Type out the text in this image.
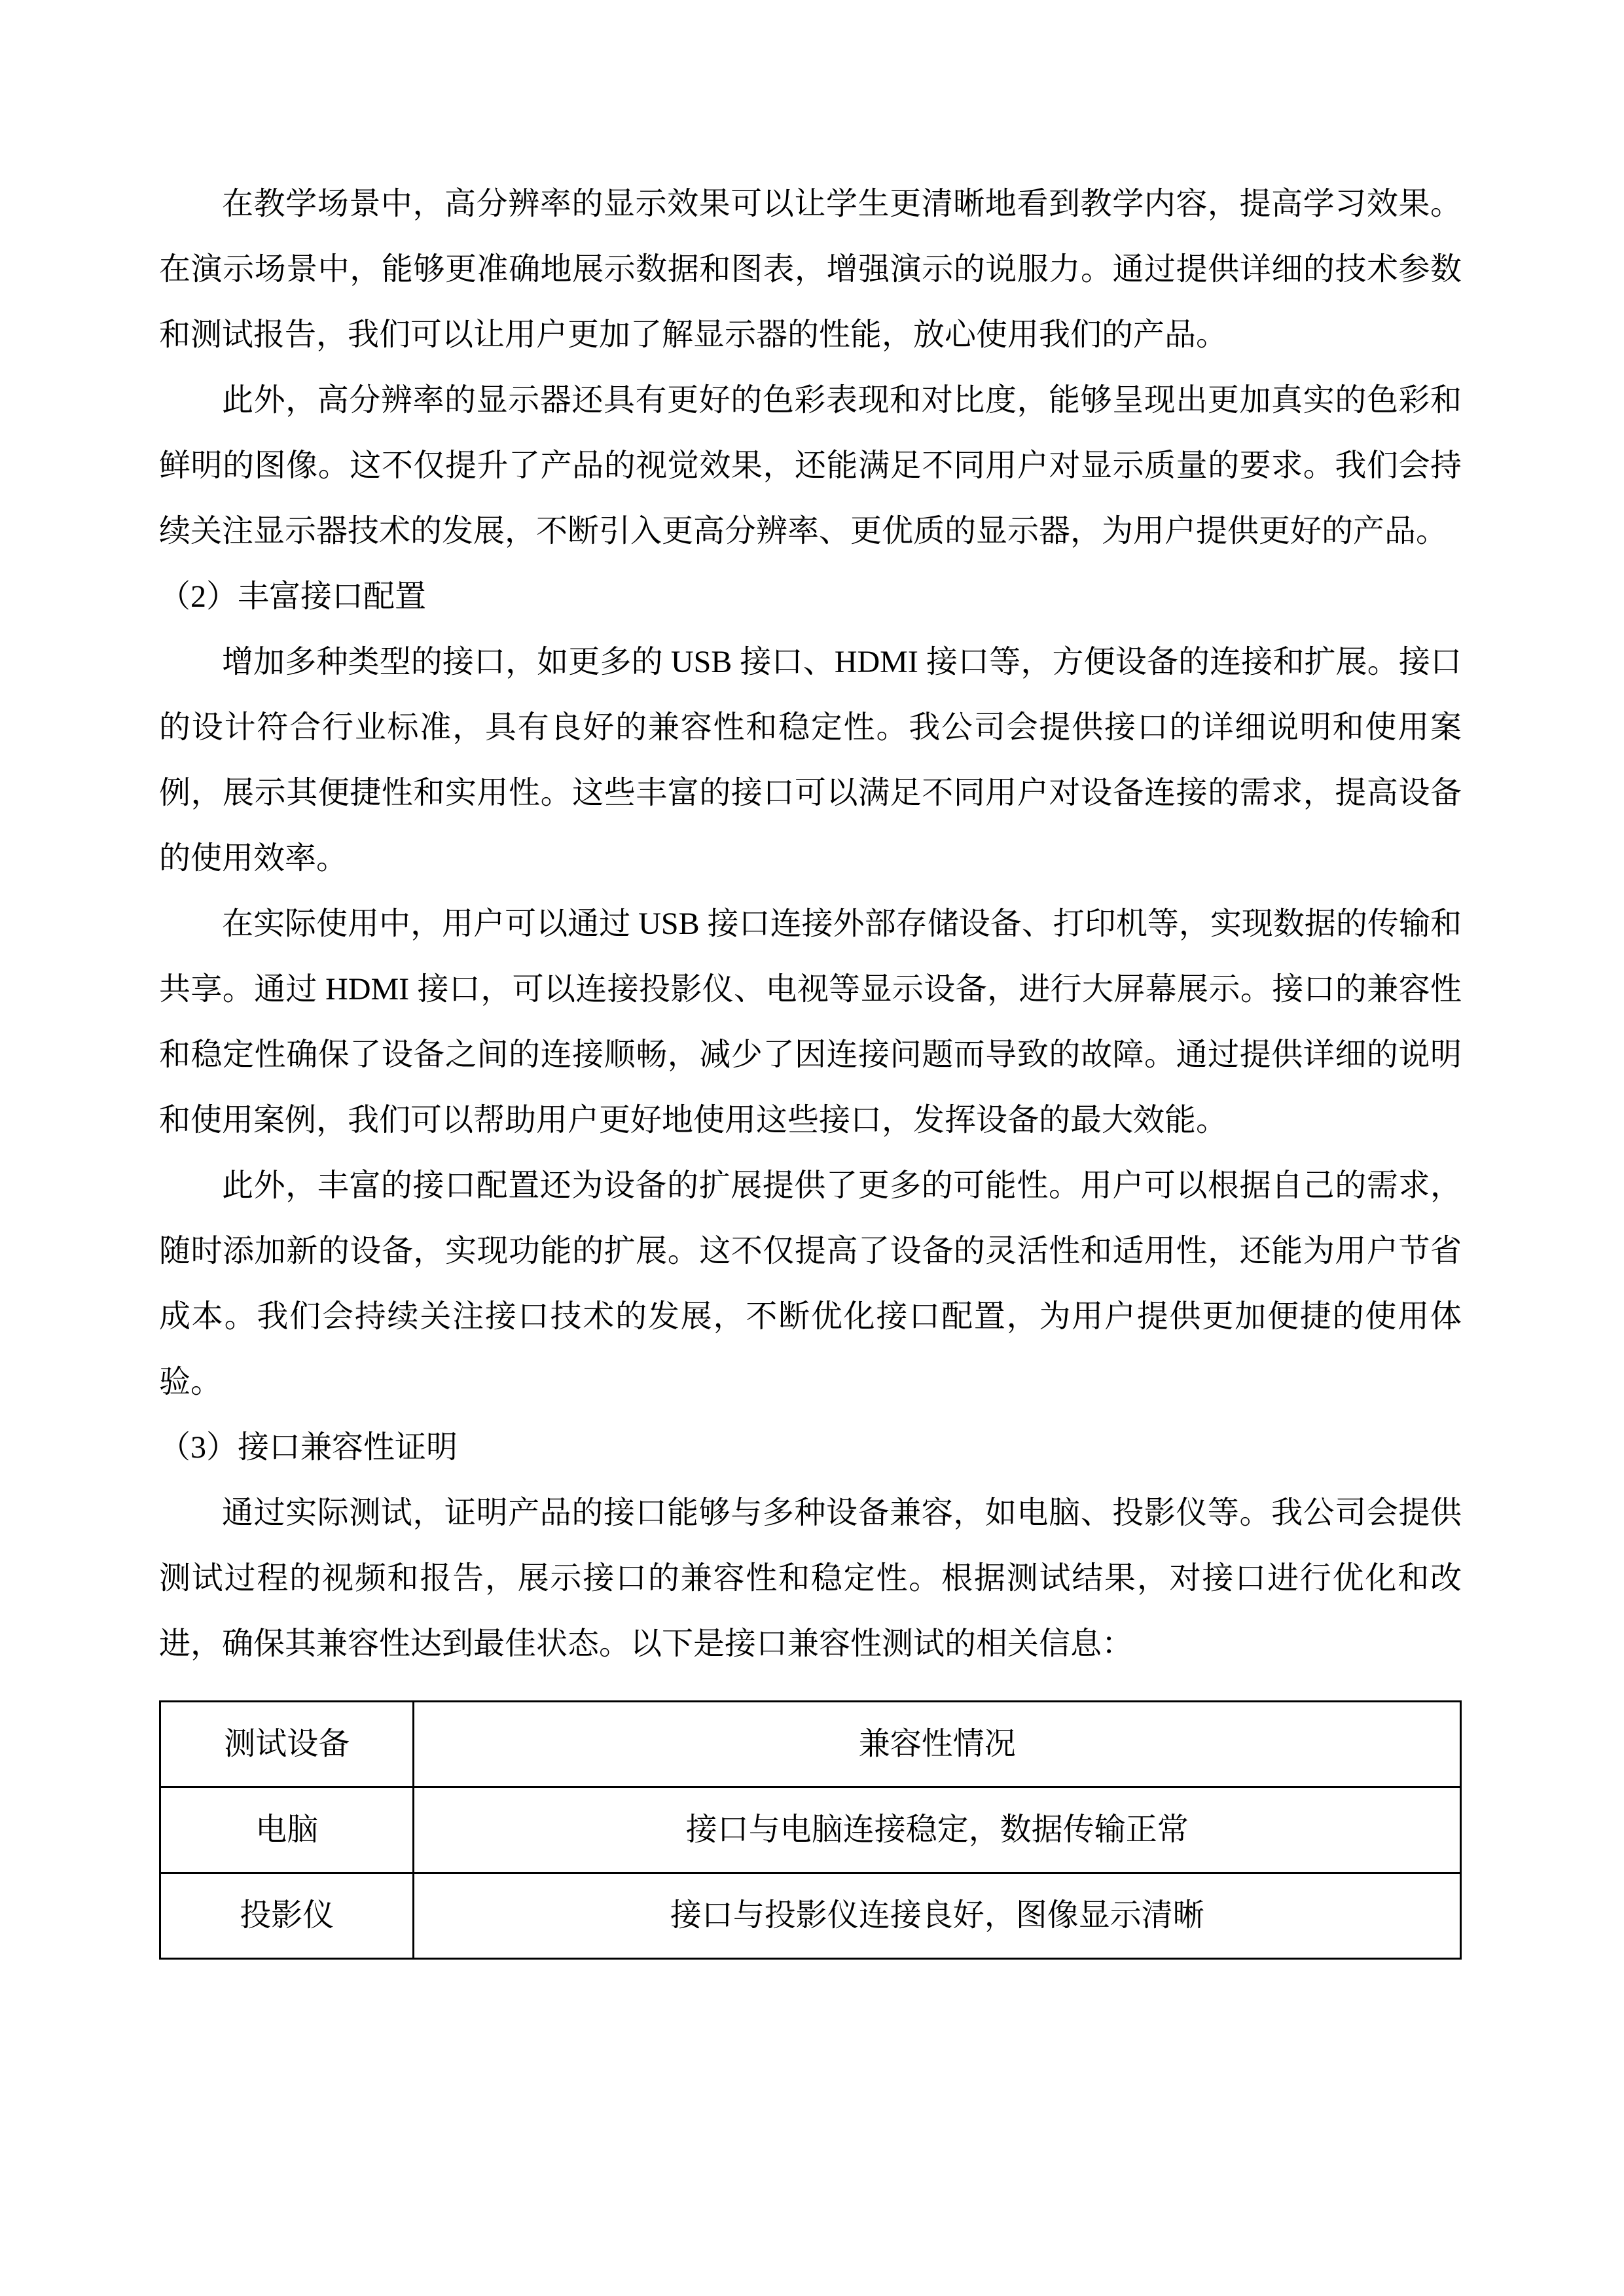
在教学场景中，高分辨率的显示效果可以让学生更清晰地看到教学内容，提高学习效果。在演示场景中，能够更准确地展示数据和图表，增强演示的说服力。通过提供详细的技术参数和测试报告，我们可以让用户更加了解显示器的性能，放心使用我们的产品。

此外，高分辨率的显示器还具有更好的色彩表现和对比度，能够呈现出更加真实的色彩和鲜明的图像。这不仅提升了产品的视觉效果，还能满足不同用户对显示质量的要求。我们会持续关注显示器技术的发展，不断引入更高分辨率、更优质的显示器，为用户提供更好的产品。

（2）丰富接口配置

增加多种类型的接口，如更多的 USB 接口、HDMI 接口等，方便设备的连接和扩展。接口的设计符合行业标准，具有良好的兼容性和稳定性。我公司会提供接口的详细说明和使用案例，展示其便捷性和实用性。这些丰富的接口可以满足不同用户对设备连接的需求，提高设备的使用效率。

在实际使用中，用户可以通过 USB 接口连接外部存储设备、打印机等，实现数据的传输和共享。通过 HDMI 接口，可以连接投影仪、电视等显示设备，进行大屏幕展示。接口的兼容性和稳定性确保了设备之间的连接顺畅，减少了因连接问题而导致的故障。通过提供详细的说明和使用案例，我们可以帮助用户更好地使用这些接口，发挥设备的最大效能。

此外，丰富的接口配置还为设备的扩展提供了更多的可能性。用户可以根据自己的需求，随时添加新的设备，实现功能的扩展。这不仅提高了设备的灵活性和适用性，还能为用户节省成本。我们会持续关注接口技术的发展，不断优化接口配置，为用户提供更加便捷的使用体验。

（3）接口兼容性证明

通过实际测试，证明产品的接口能够与多种设备兼容，如电脑、投影仪等。我公司会提供测试过程的视频和报告，展示接口的兼容性和稳定性。根据测试结果，对接口进行优化和改进，确保其兼容性达到最佳状态。以下是接口兼容性测试的相关信息：

测试设备	兼容性情况
电脑	接口与电脑连接稳定，数据传输正常
投影仪	接口与投影仪连接良好，图像显示清晰
